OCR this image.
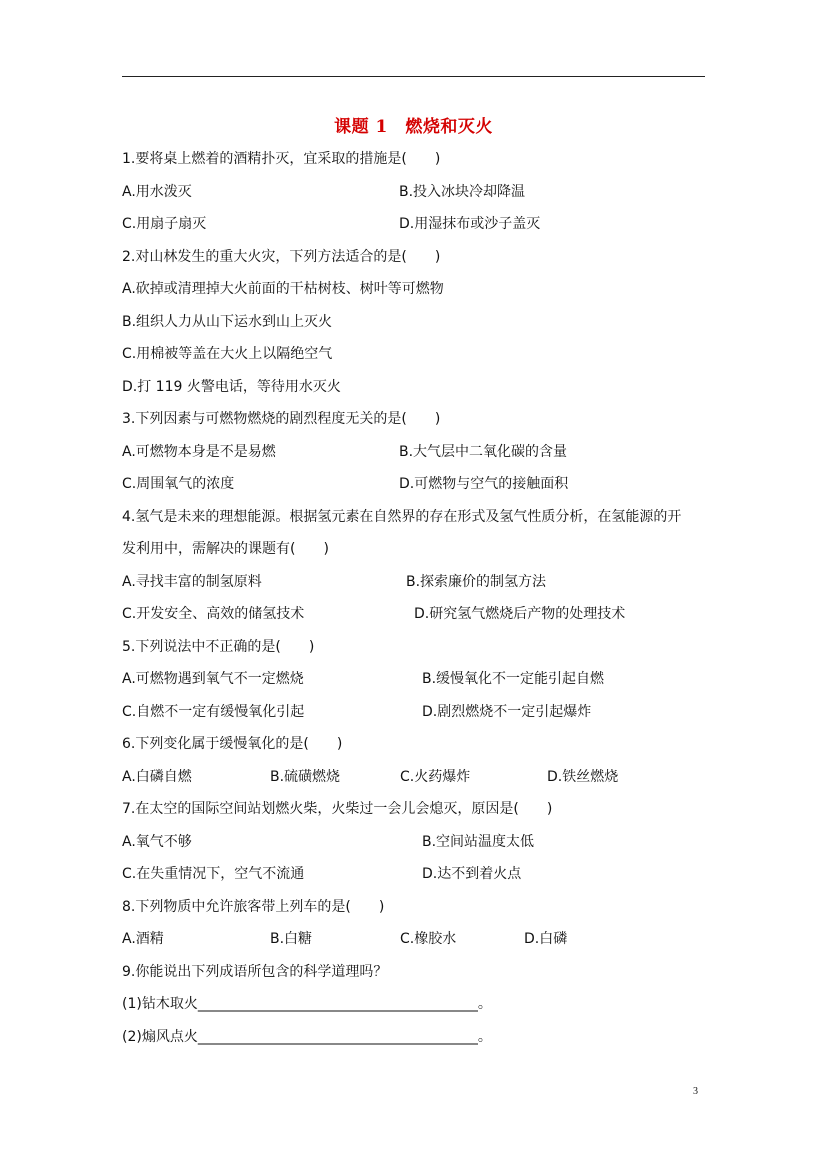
课题 1　燃烧和灭火
1.要将桌上燃着的酒精扑灭，宜采取的措施是(　　)
A.用水泼灭	B.投入冰块冷却降温
C.用扇子扇灭	D.用湿抹布或沙子盖灭
2.对山林发生的重大火灾，下列方法适合的是(　　)
A.砍掉或清理掉大火前面的干枯树枝、树叶等可燃物
B.组织人力从山下运水到山上灭火
C.用棉被等盖在大火上以隔绝空气
D.打 119 火警电话，等待用水灭火
3.下列因素与可燃物燃烧的剧烈程度无关的是(　　)
A.可燃物本身是不是易燃	B.大气层中二氧化碳的含量
C.周围氧气的浓度	D.可燃物与空气的接触面积
4.氢气是未来的理想能源。根据氢元素在自然界的存在形式及氢气性质分析，在氢能源的开
发利用中，需解决的课题有(　　)
A.寻找丰富的制氢原料	B.探索廉价的制氢方法
C.开发安全、高效的储氢技术	D.研究氢气燃烧后产物的处理技术
5.下列说法中不正确的是(　　)
A.可燃物遇到氧气不一定燃烧	B.缓慢氧化不一定能引起自燃
C.自燃不一定有缓慢氧化引起	D.剧烈燃烧不一定引起爆炸
6.下列变化属于缓慢氧化的是(　　)
A.白磷自燃	B.硫磺燃烧	C.火药爆炸	D.铁丝燃烧
7.在太空的国际空间站划燃火柴，火柴过一会儿会熄灭，原因是(　　)
A.氧气不够	B.空间站温度太低
C.在失重情况下，空气不流通	D.达不到着火点
8.下列物质中允许旅客带上列车的是(　　)
A.酒精	B.白糖	C.橡胶水	D.白磷
9.你能说出下列成语所包含的科学道理吗？
(1)钻木取火________________________________________。
(2)煽风点火________________________________________。
3
